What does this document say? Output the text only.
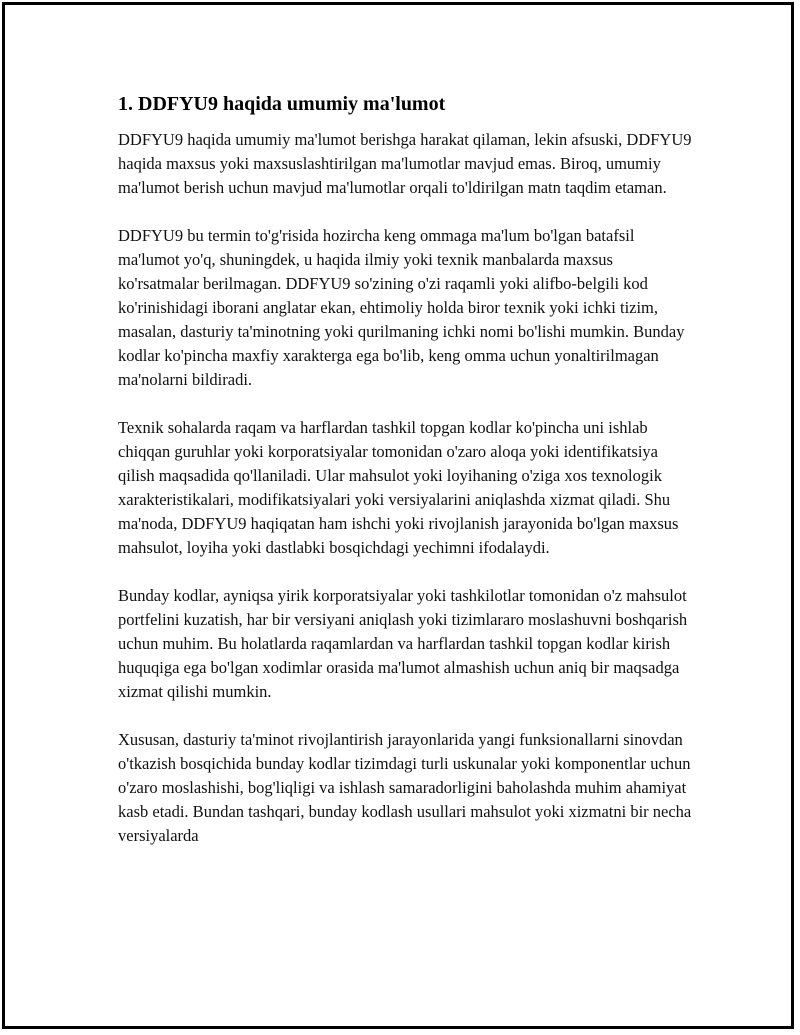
1. DDFYU9 haqida umumiy ma'lumot

DDFYU9 haqida umumiy ma'lumot berishga harakat qilaman, lekin afsuski, DDFYU9 haqida maxsus yoki maxsuslashtirilgan ma'lumotlar mavjud emas. Biroq, umumiy ma'lumot berish uchun mavjud ma'lumotlar orqali to'ldirilgan matn taqdim etaman.

DDFYU9 bu termin to'g'risida hozircha keng ommaga ma'lum bo'lgan batafsil ma'lumot yo'q, shuningdek, u haqida ilmiy yoki texnik manbalarda maxsus ko'rsatmalar berilmagan. DDFYU9 so'zining o'zi raqamli yoki alifbo-belgili kod ko'rinishidagi iborani anglatar ekan, ehtimoliy holda biror texnik yoki ichki tizim, masalan, dasturiy ta'minotning yoki qurilmaning ichki nomi bo'lishi mumkin. Bunday kodlar ko'pincha maxfiy xarakterga ega bo'lib, keng omma uchun yonaltirilmagan ma'nolarni bildiradi.

Texnik sohalarda raqam va harflardan tashkil topgan kodlar ko'pincha uni ishlab chiqqan guruhlar yoki korporatsiyalar tomonidan o'zaro aloqa yoki identifikatsiya qilish maqsadida qo'llaniladi. Ular mahsulot yoki loyihaning o'ziga xos texnologik xarakteristikalari, modifikatsiyalari yoki versiyalarini aniqlashda xizmat qiladi. Shu ma'noda, DDFYU9 haqiqatan ham ishchi yoki rivojlanish jarayonida bo'lgan maxsus mahsulot, loyiha yoki dastlabki bosqichdagi yechimni ifodalaydi.

Bunday kodlar, ayniqsa yirik korporatsiyalar yoki tashkilotlar tomonidan o'z mahsulot portfelini kuzatish, har bir versiyani aniqlash yoki tizimlararo moslashuvni boshqarish uchun muhim. Bu holatlarda raqamlardan va harflardan tashkil topgan kodlar kirish huquqiga ega bo'lgan xodimlar orasida ma'lumot almashish uchun aniq bir maqsadga xizmat qilishi mumkin.

Xususan, dasturiy ta'minot rivojlantirish jarayonlarida yangi funksionallarni sinovdan o'tkazish bosqichida bunday kodlar tizimdagi turli uskunalar yoki komponentlar uchun o'zaro moslashishi, bog'liqligi va ishlash samaradorligini baholashda muhim ahamiyat kasb etadi. Bundan tashqari, bunday kodlash usullari mahsulot yoki xizmatni bir necha versiyalarda
